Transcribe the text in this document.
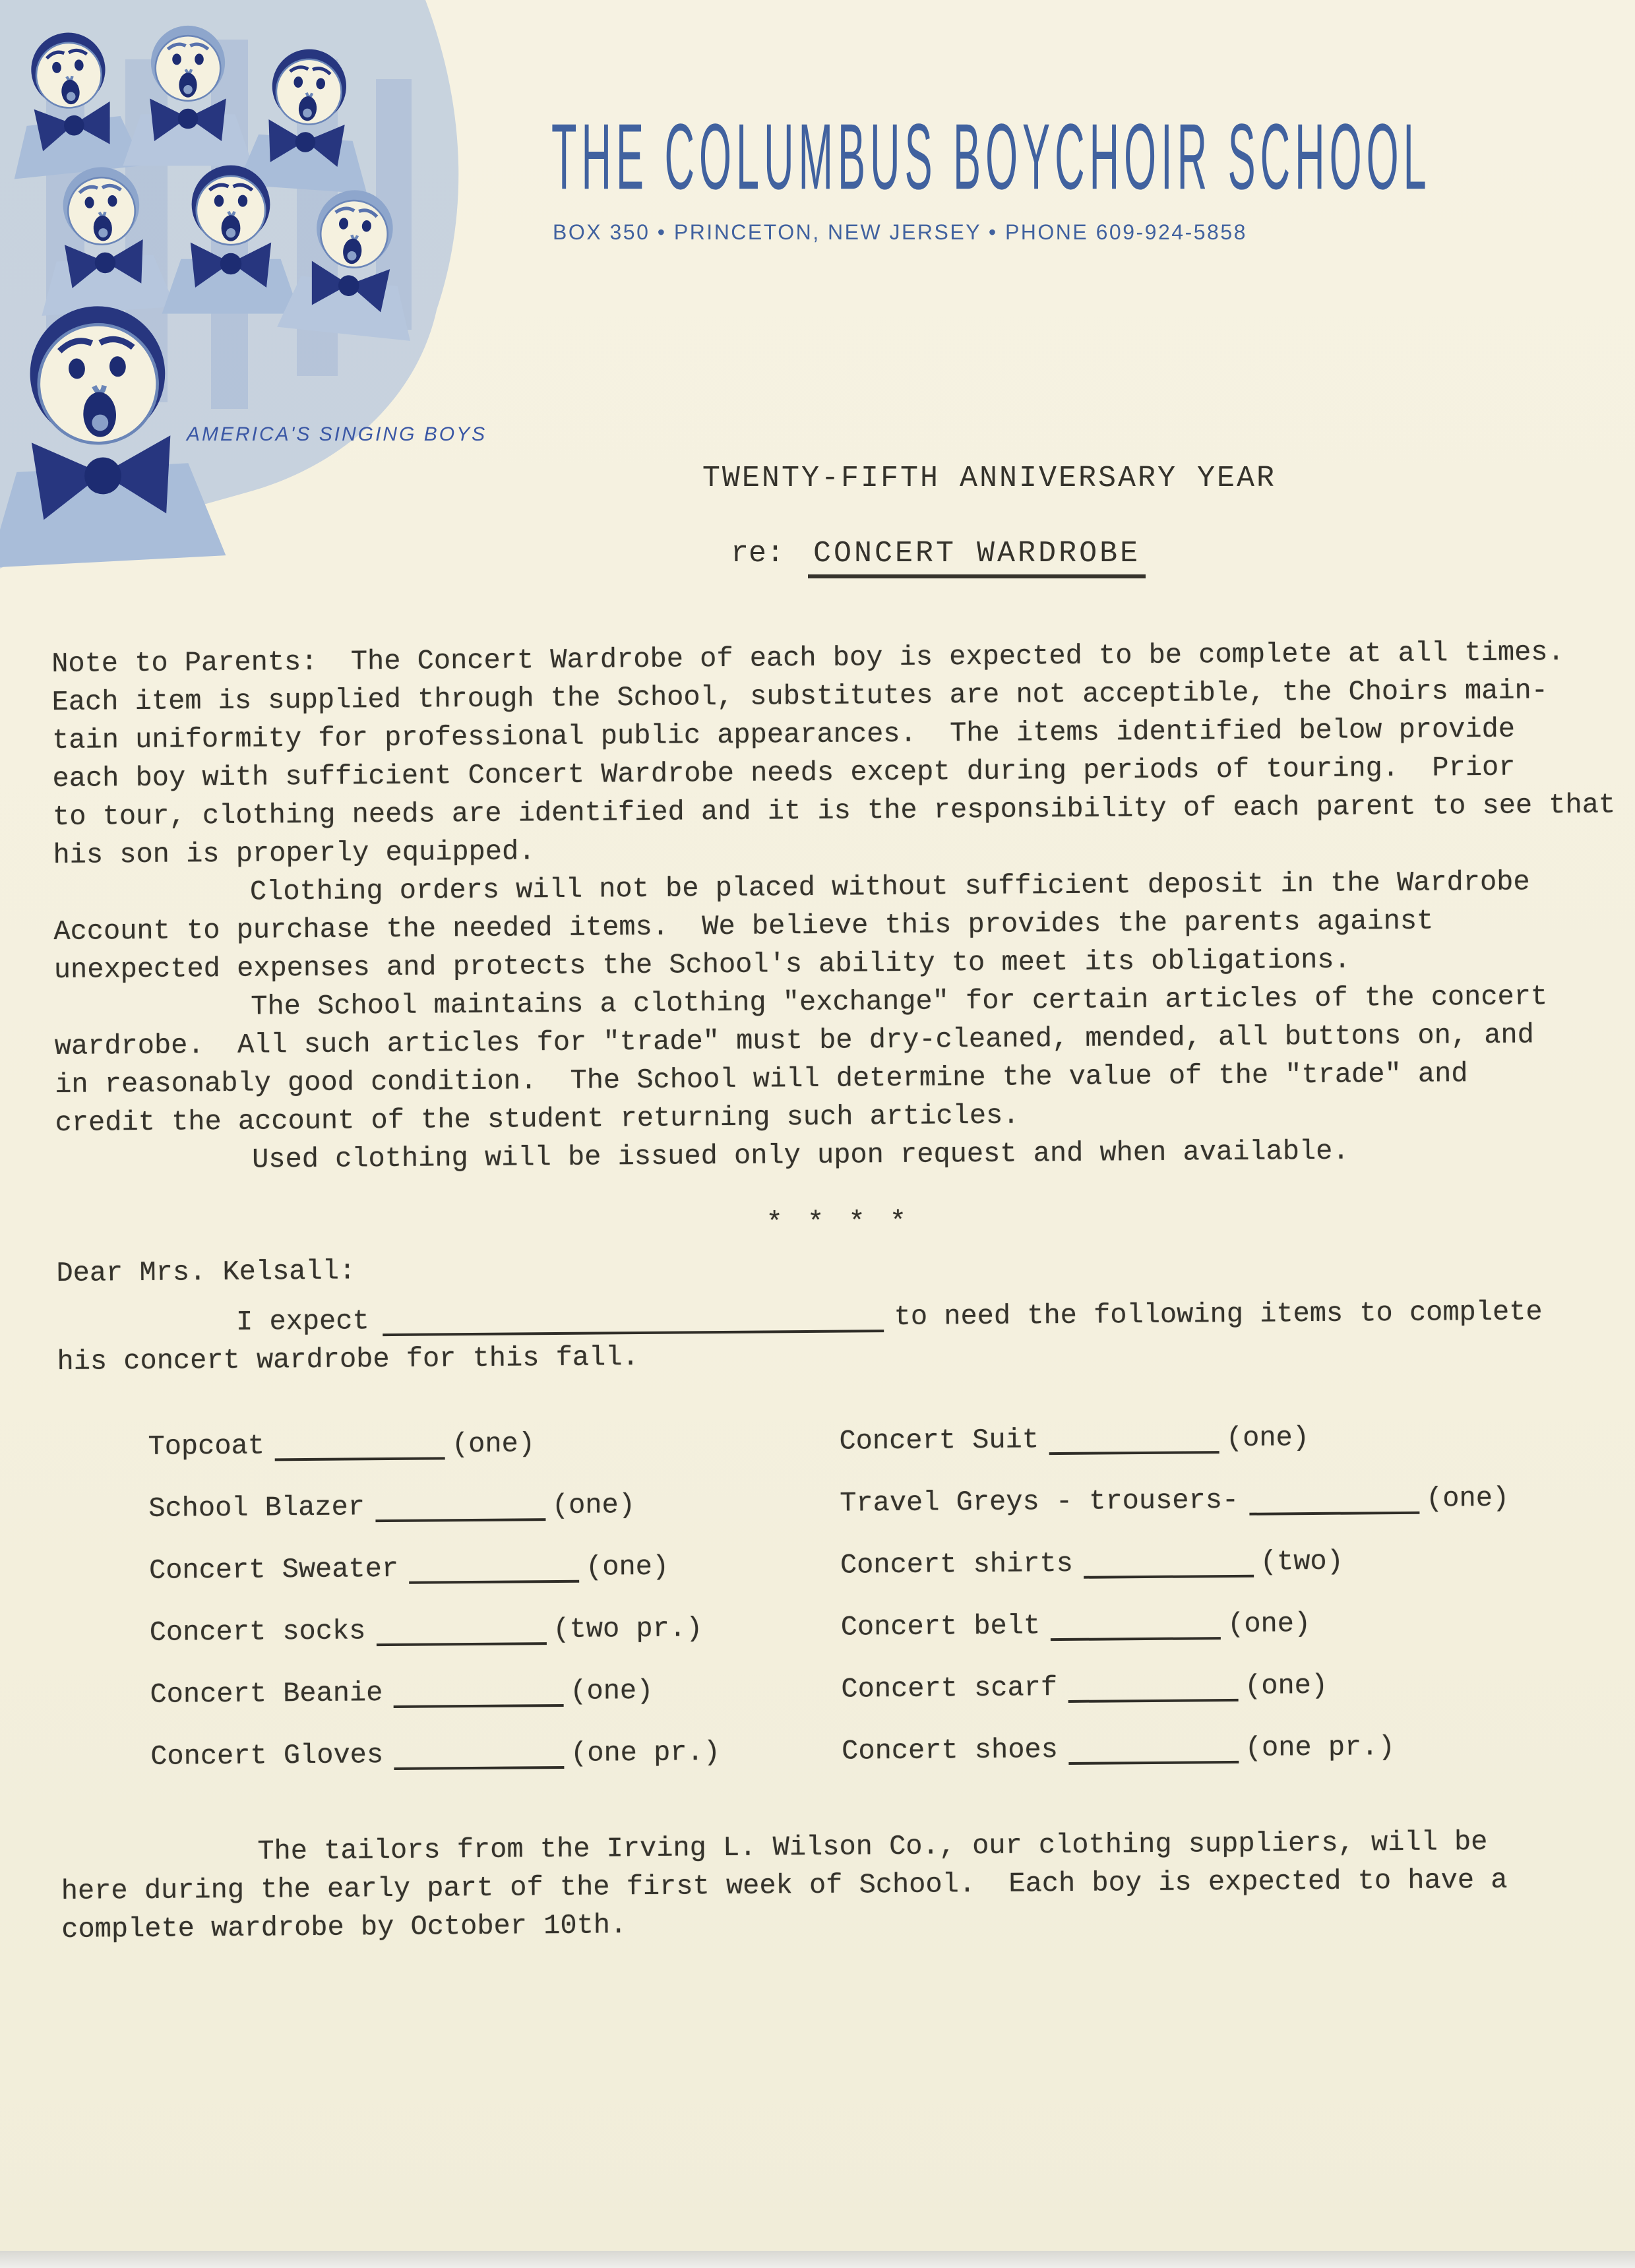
AMERICA'S SINGING BOYS
THE COLUMBUS BOYCHOIR SCHOOL
BOX 350 • PRINCETON, NEW JERSEY • PHONE 609-924-5858
TWENTY-FIFTH ANNIVERSARY YEAR
re: CONCERT WARDROBE
Note to Parents:  The Concert Wardrobe of each boy is expected to be complete at all times.
Each item is supplied through the School, substitutes are not acceptible, the Choirs main-
tain uniformity for professional public appearances.  The items identified below provide
each boy with sufficient Concert Wardrobe needs except during periods of touring.  Prior
to tour, clothing needs are identified and it is the responsibility of each parent to see that
his son is properly equipped.
Clothing orders will not be placed without sufficient deposit in the Wardrobe
Account to purchase the needed items.  We believe this provides the parents against
unexpected expenses and protects the School's ability to meet its obligations.
The School maintains a clothing "exchange" for certain articles of the concert
wardrobe.  All such articles for "trade" must be dry-cleaned, mended, all buttons on, and
in reasonably good condition.  The School will determine the value of the "trade" and
credit the account of the student returning such articles.
Used clothing will be issued only upon request and when available.
* * * *
Dear Mrs. Kelsall:
I expect	to need the following items to complete
his concert wardrobe for this fall.
Topcoat	(one)	Concert Suit	(one)
School Blazer	(one)	Travel Greys - trousers-	(one)
Concert Sweater	(one)	Concert shirts	(two)
Concert socks	(two pr.)	Concert belt	(one)
Concert Beanie	(one)	Concert scarf	(one)
Concert Gloves	(one pr.)	Concert shoes	(one pr.)
The tailors from the Irving L. Wilson Co., our clothing suppliers, will be
here during the early part of the first week of School.  Each boy is expected to have a
complete wardrobe by October 10th.
